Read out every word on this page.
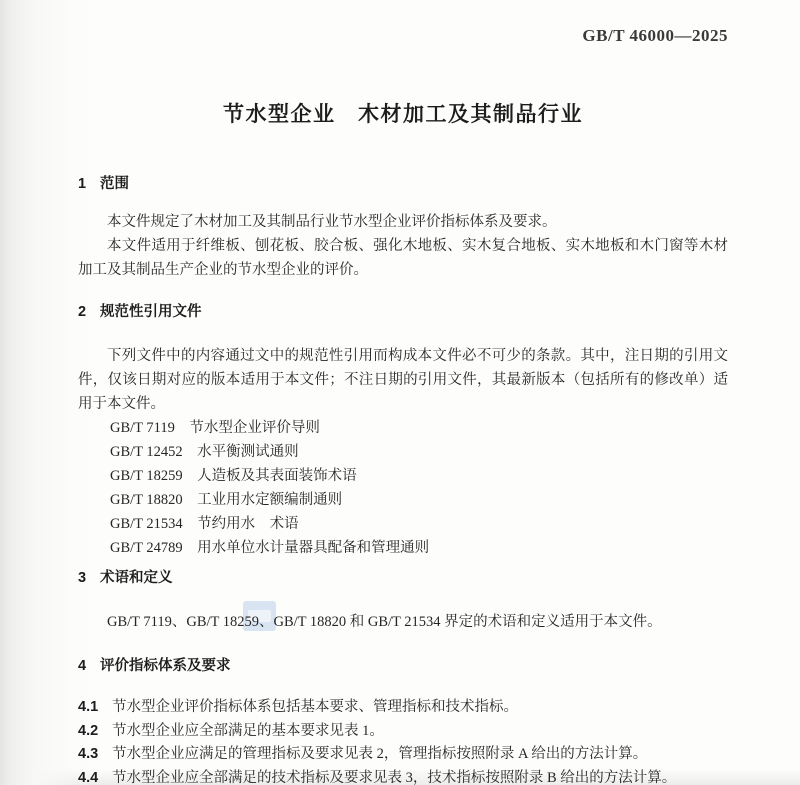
GB/T 46000—2025
节水型企业　木材加工及其制品行业
1 范围

本文件规定了木材加工及其制品行业节水型企业评价指标体系及要求。

本文件适用于纤维板、刨花板、胶合板、强化木地板、实木复合地板、实木地板和木门窗等木材加工及其制品生产企业的节水型企业的评价。

2 规范性引用文件

下列文件中的内容通过文中的规范性引用而构成本文件必不可少的条款。其中，注日期的引用文件，仅该日期对应的版本适用于本文件；不注日期的引用文件，其最新版本（包括所有的修改单）适用于本文件。

GB/T 7119 节水型企业评价导则
GB/T 12452 水平衡测试通则
GB/T 18259 人造板及其表面装饰术语
GB/T 18820 工业用水定额编制通则
GB/T 21534 节约用水　术语
GB/T 24789 用水单位水计量器具配备和管理通则
3 术语和定义

GB/T 7119、GB/T 18259、GB/T 18820 和 GB/T 21534 界定的术语和定义适用于本文件。

4 评价指标体系及要求
4.1 节水型企业评价指标体系包括基本要求、管理指标和技术指标。
4.2 节水型企业应全部满足的基本要求见表 1。
4.3 节水型企业应满足的管理指标及要求见表 2，管理指标按照附录 A 给出的方法计算。
4.4 节水型企业应全部满足的技术指标及要求见表 3，技术指标按照附录 B 给出的方法计算。
